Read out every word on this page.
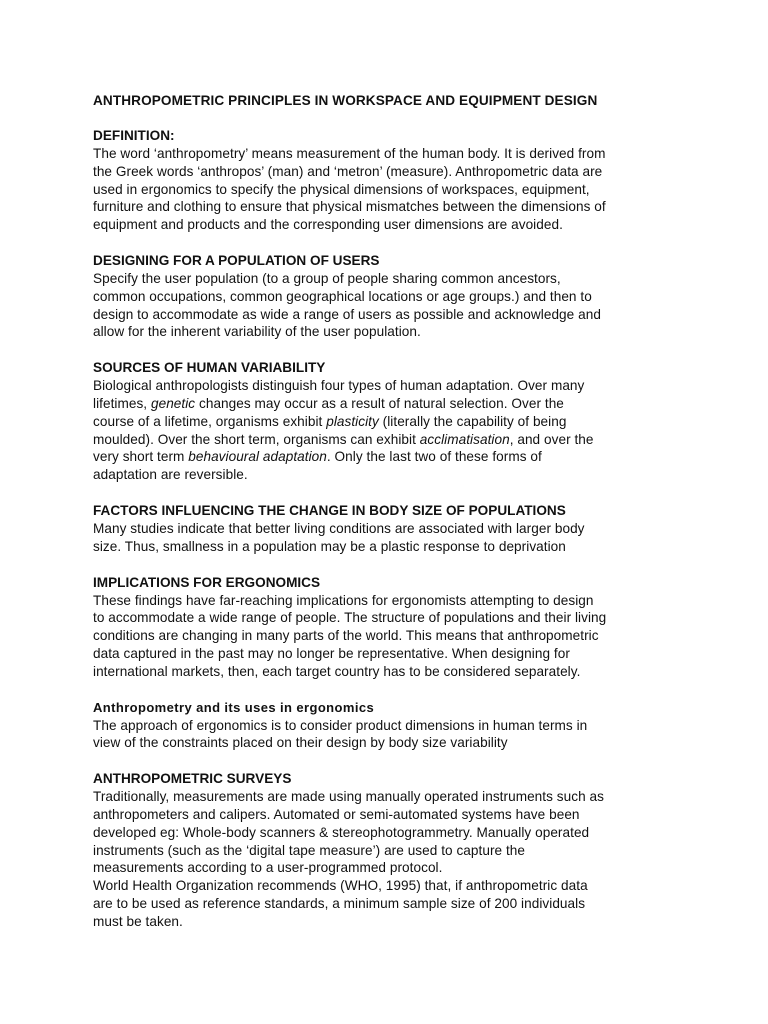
ANTHROPOMETRIC PRINCIPLES IN WORKSPACE AND EQUIPMENT DESIGN
DEFINITION:

The word ‘anthropometry’ means measurement of the human body. It is derived from
the Greek words ‘anthropos’ (man) and ‘metron’ (measure). Anthropometric data are
used in ergonomics to specify the physical dimensions of workspaces, equipment,
furniture and clothing to ensure that physical mismatches between the dimensions of
equipment and products and the corresponding user dimensions are avoided.

DESIGNING FOR A POPULATION OF USERS

Specify the user population (to a group of people sharing common ancestors,
common occupations, common geographical locations or age groups.) and then to
design to accommodate as wide a range of users as possible and acknowledge and
allow for the inherent variability of the user population.

SOURCES OF HUMAN VARIABILITY

Biological anthropologists distinguish four types of human adaptation. Over many
lifetimes, genetic changes may occur as a result of natural selection. Over the
course of a lifetime, organisms exhibit plasticity (literally the capability of being
moulded). Over the short term, organisms can exhibit acclimatisation, and over the
very short term behavioural adaptation. Only the last two of these forms of
adaptation are reversible.

FACTORS INFLUENCING THE CHANGE IN BODY SIZE OF POPULATIONS

Many studies indicate that better living conditions are associated with larger body
size. Thus, smallness in a population may be a plastic response to deprivation

IMPLICATIONS FOR ERGONOMICS

These findings have far-reaching implications for ergonomists attempting to design
to accommodate a wide range of people. The structure of populations and their living
conditions are changing in many parts of the world. This means that anthropometric
data captured in the past may no longer be representative. When designing for
international markets, then, each target country has to be considered separately.

Anthropometry and its uses in ergonomics

The approach of ergonomics is to consider product dimensions in human terms in
view of the constraints placed on their design by body size variability

ANTHROPOMETRIC SURVEYS

Traditionally, measurements are made using manually operated instruments such as
anthropometers and calipers. Automated or semi-automated systems have been
developed eg: Whole-body scanners & stereophotogrammetry. Manually operated
instruments (such as the ‘digital tape measure’) are used to capture the
measurements according to a user-programmed protocol.
World Health Organization recommends (WHO, 1995) that, if anthropometric data
are to be used as reference standards, a minimum sample size of 200 individuals
must be taken.
